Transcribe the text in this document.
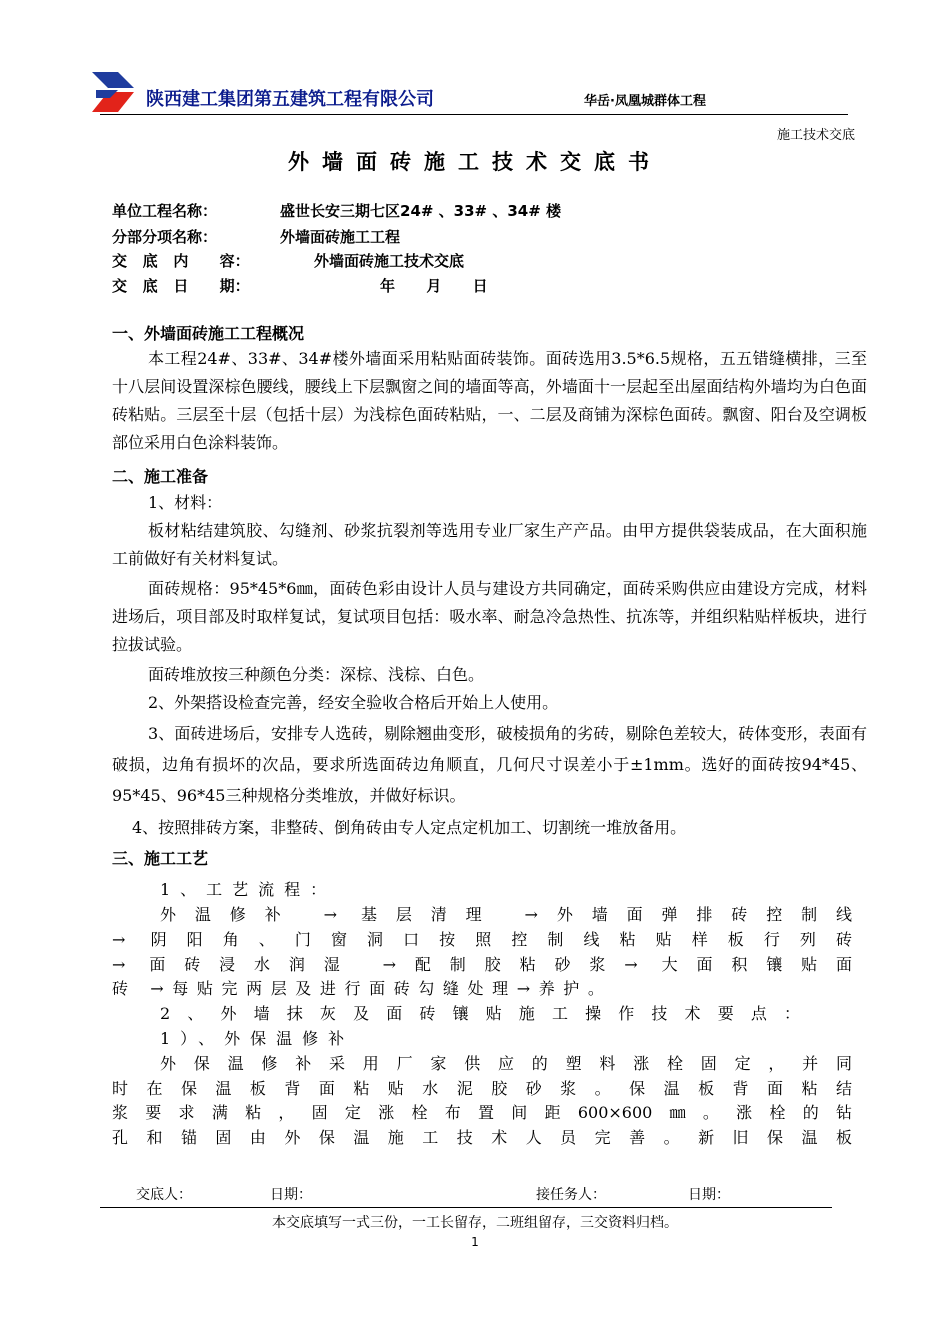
陕西建工集团第五建筑工程有限公司	华岳·凤凰城群体工程
施工技术交底
外墙面砖施工技术交底书
单位工程名称：	盛世长安三期七区24# 、33# 、34# 楼
分部分项名称：	外墙面砖施工工程
交   底   内      容：	外墙面砖施工技术交底
交   底   日      期：	年      月      日
一、外墙面砖施工工程概况
本工程24#、33#、34#楼外墙面采用粘贴面砖装饰。面砖选用3.5*6.5规格，五五错缝横排，三至十八层间设置深棕色腰线，腰线上下层飘窗之间的墙面等高，外墙面十一层起至出屋面结构外墙均为白色面砖粘贴。三层至十层（包括十层）为浅棕色面砖粘贴，一、二层及商铺为深棕色面砖。飘窗、阳台及空调板部位采用白色涂料装饰。
二、施工准备
1、材料：
板材粘结建筑胶、勾缝剂、砂浆抗裂剂等选用专业厂家生产产品。由甲方提供袋装成品，在大面积施工前做好有关材料复试。
面砖规格：95*45*6㎜，面砖色彩由设计人员与建设方共同确定，面砖采购供应由建设方完成，材料进场后，项目部及时取样复试，复试项目包括：吸水率、耐急冷急热性、抗冻等，并组织粘贴样板块，进行拉拔试验。
面砖堆放按三种颜色分类：深棕、浅棕、白色。
2、外架搭设检查完善，经安全验收合格后开始上人使用。
3、面砖进场后，安排专人选砖，剔除翘曲变形，破棱损角的劣砖，剔除色差较大，砖体变形，表面有破损，边角有损坏的次品，要求所选面砖边角顺直，几何尺寸误差小于±1mm。选好的面砖按94*45、95*45、96*45三种规格分类堆放，并做好标识。
4、按照排砖方案，非整砖、倒角砖由专人定点定机加工、切割统一堆放备用。
三、施工工艺
1、工艺流程：
外温修补 → 基层清理 →外墙面弹排砖控制线
→ 阴阳角、门窗洞口按照控制线粘贴样板行列砖
→ 面砖浸水润湿 →配制胶粘砂浆→ 大面积镶贴面
砖 →每贴完两层及进行面砖勾缝处理→养护。
2、外墙抹灰及面砖镶贴施工操作技术要点：
1）、外保温修补
外保温修补采用厂家供应的塑料涨栓固定，并同
时在保温板背面粘贴水泥胶砂浆。保温板背面粘结
浆要求满粘，固定涨栓布置间距600×600㎜。涨栓的钻
孔和锚固由外保温施工技术人员完善。新旧保温板
交底人：	日期：	接任务人：	日期：
本交底填写一式三份，一工长留存，二班组留存，三交资料归档。
1
